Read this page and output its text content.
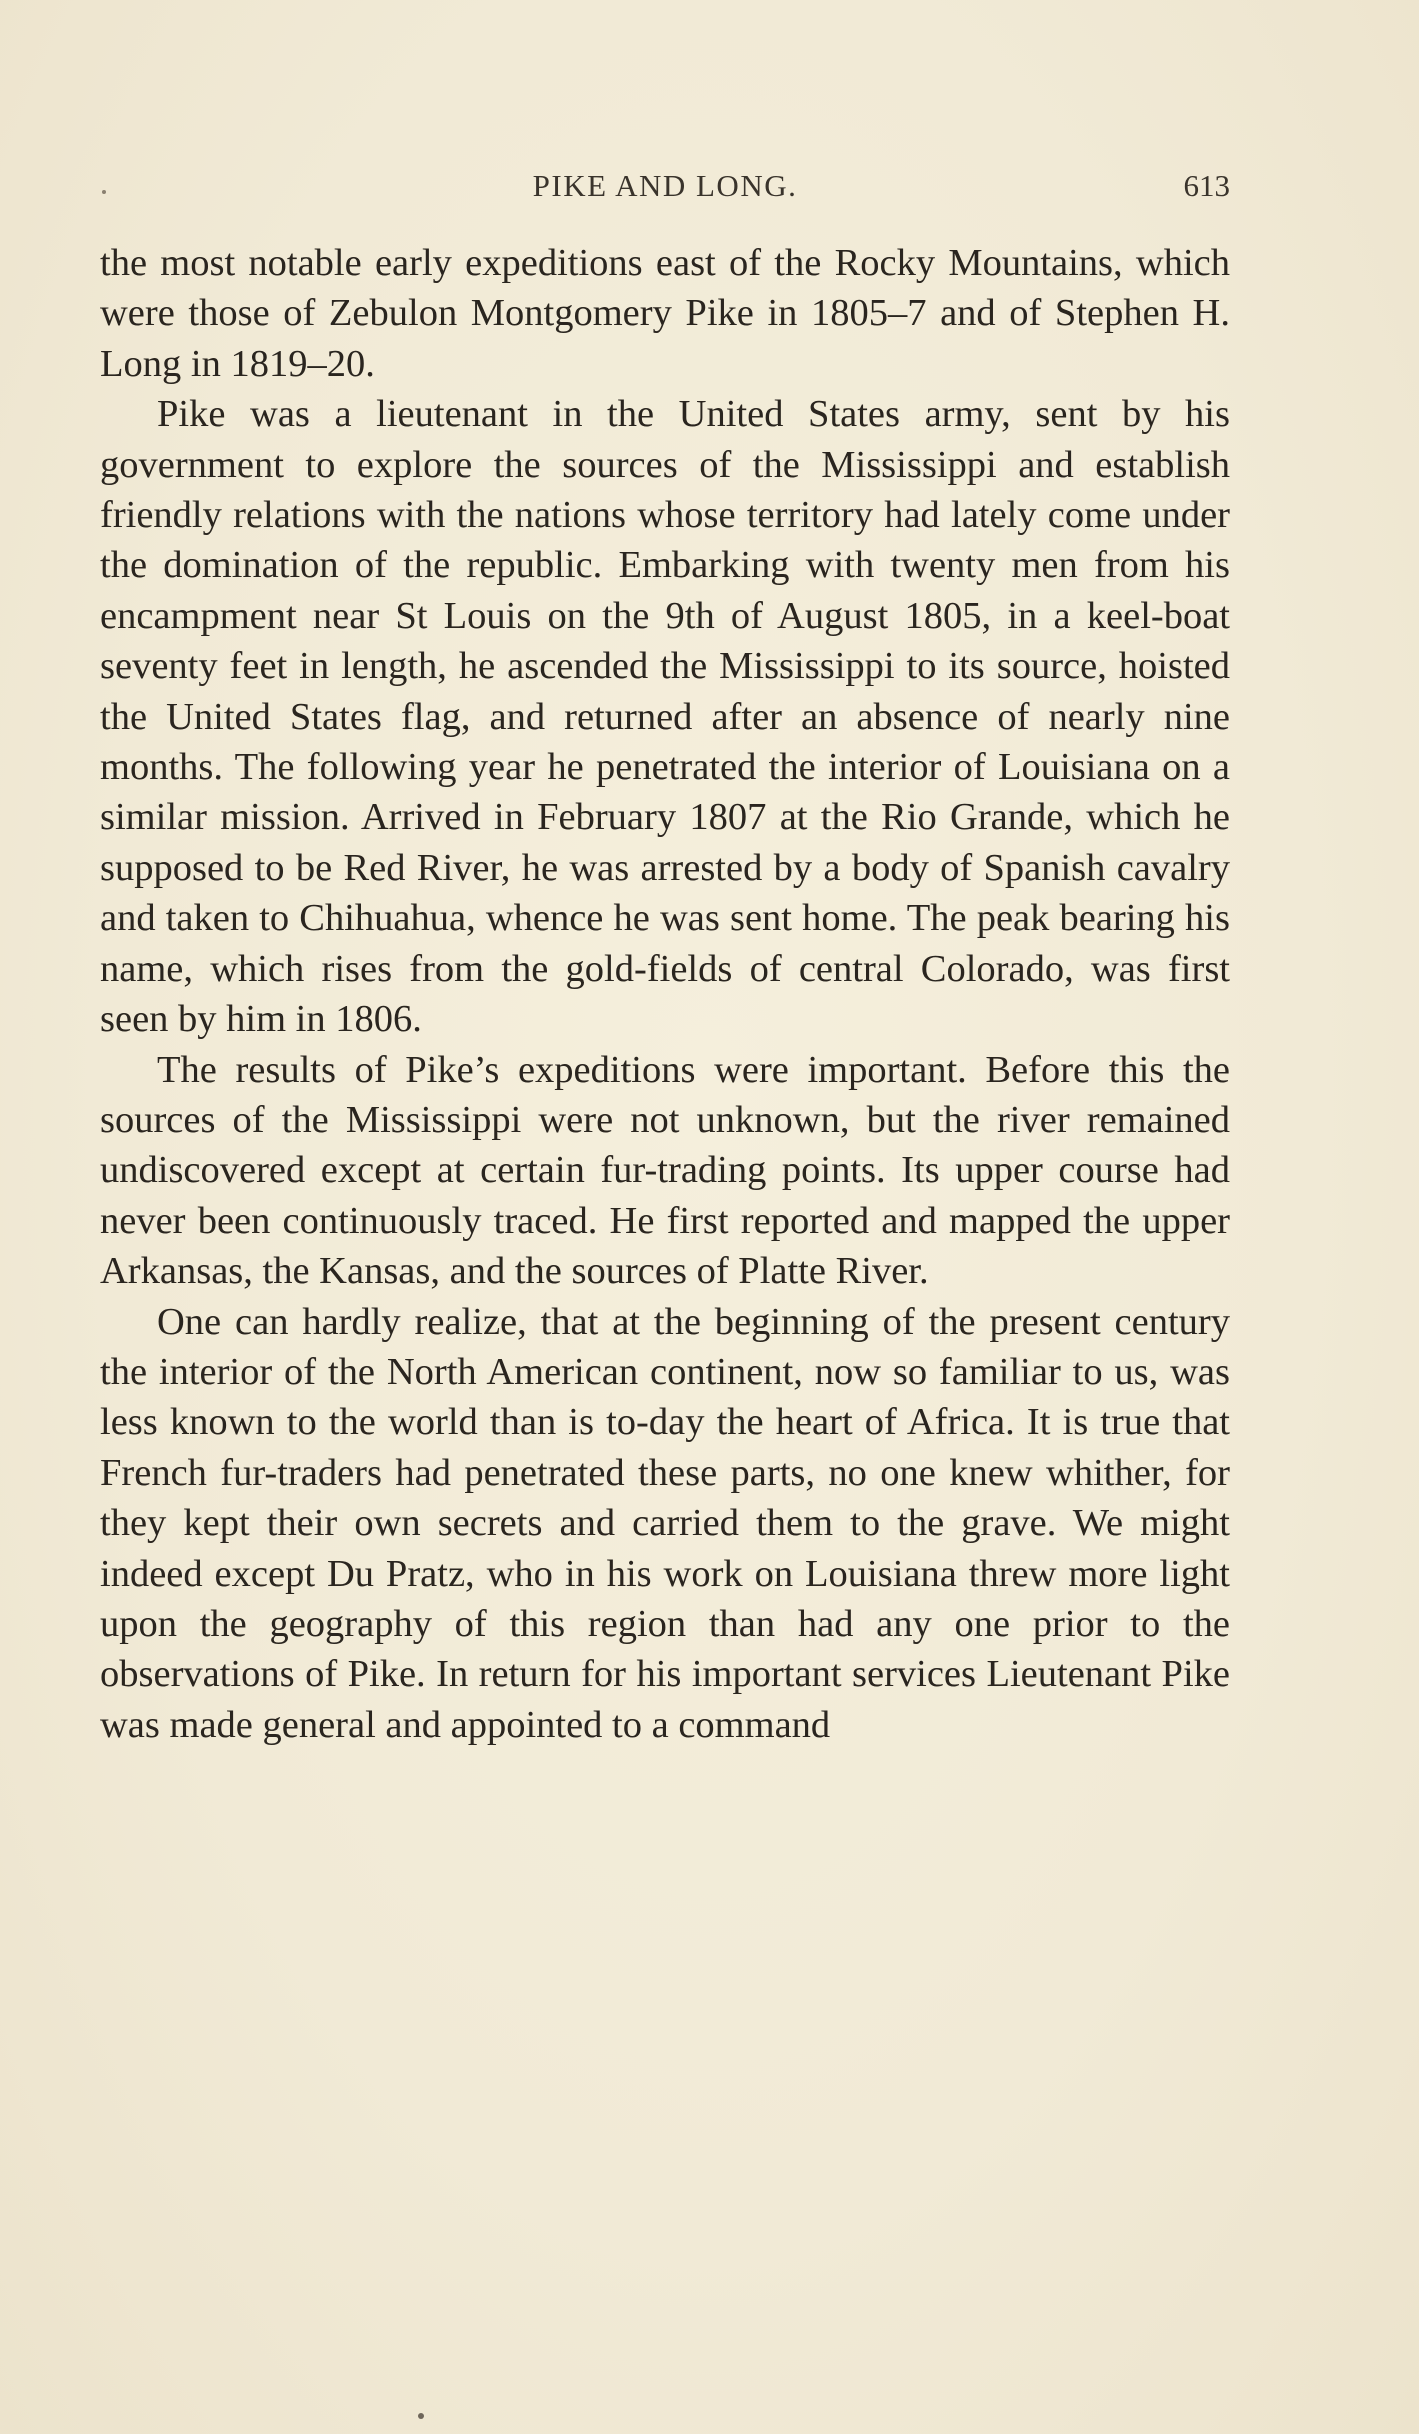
PIKE AND LONG.	613

the most notable early expeditions east of the Rocky Mountains, which were those of Zebulon Montgomery Pike in 1805–7 and of Stephen H. Long in 1819–20.

Pike was a lieutenant in the United States army, sent by his government to explore the sources of the Mississippi and establish friendly relations with the nations whose territory had lately come under the domination of the republic. Embarking with twenty men from his encampment near St Louis on the 9th of August 1805, in a keel-boat seventy feet in length, he ascended the Mississippi to its source, hoisted the United States flag, and returned after an absence of nearly nine months. The following year he penetrated the interior of Louisiana on a similar mission. Arrived in February 1807 at the Rio Grande, which he supposed to be Red River, he was arrested by a body of Spanish cavalry and taken to Chihuahua, whence he was sent home. The peak bearing his name, which rises from the gold-fields of central Colorado, was first seen by him in 1806.

The results of Pike’s expeditions were important. Before this the sources of the Mississippi were not unknown, but the river remained undiscovered except at certain fur-trading points. Its upper course had never been continuously traced. He first reported and mapped the upper Arkansas, the Kansas, and the sources of Platte River.

One can hardly realize, that at the beginning of the present century the interior of the North American continent, now so familiar to us, was less known to the world than is to-day the heart of Africa. It is true that French fur-traders had penetrated these parts, no one knew whither, for they kept their own secrets and carried them to the grave. We might indeed except Du Pratz, who in his work on Louisiana threw more light upon the geography of this region than had any one prior to the observations of Pike. In return for his important services Lieutenant Pike was made general and appointed to a command
